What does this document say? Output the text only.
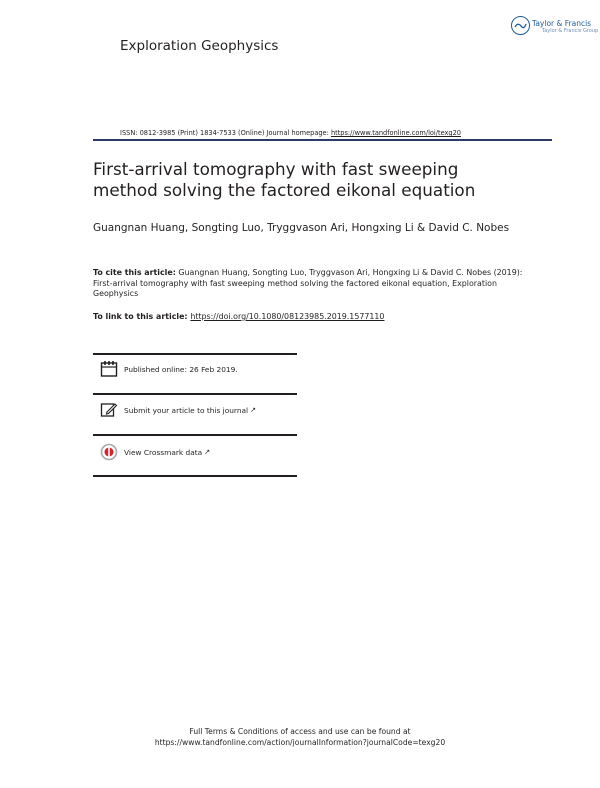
Exploration Geophysics
Taylor & Francis
Taylor & Francis Group
ISSN: 0812-3985 (Print) 1834-7533 (Online) Journal homepage: https://www.tandfonline.com/loi/texg20
First-arrival tomography with fast sweeping method solving the factored eikonal equation
Guangnan Huang, Songting Luo, Tryggvason Ari, Hongxing Li & David C. Nobes
To cite this article: Guangnan Huang, Songting Luo, Tryggvason Ari, Hongxing Li & David C. Nobes (2019): First-arrival tomography with fast sweeping method solving the factored eikonal equation, Exploration Geophysics
To link to this article: https://doi.org/10.1080/08123985.2019.1577110
Published online: 26 Feb 2019.
Submit your article to this journal ↗
View Crossmark data ↗
Full Terms & Conditions of access and use can be found at
https://www.tandfonline.com/action/journalInformation?journalCode=texg20
